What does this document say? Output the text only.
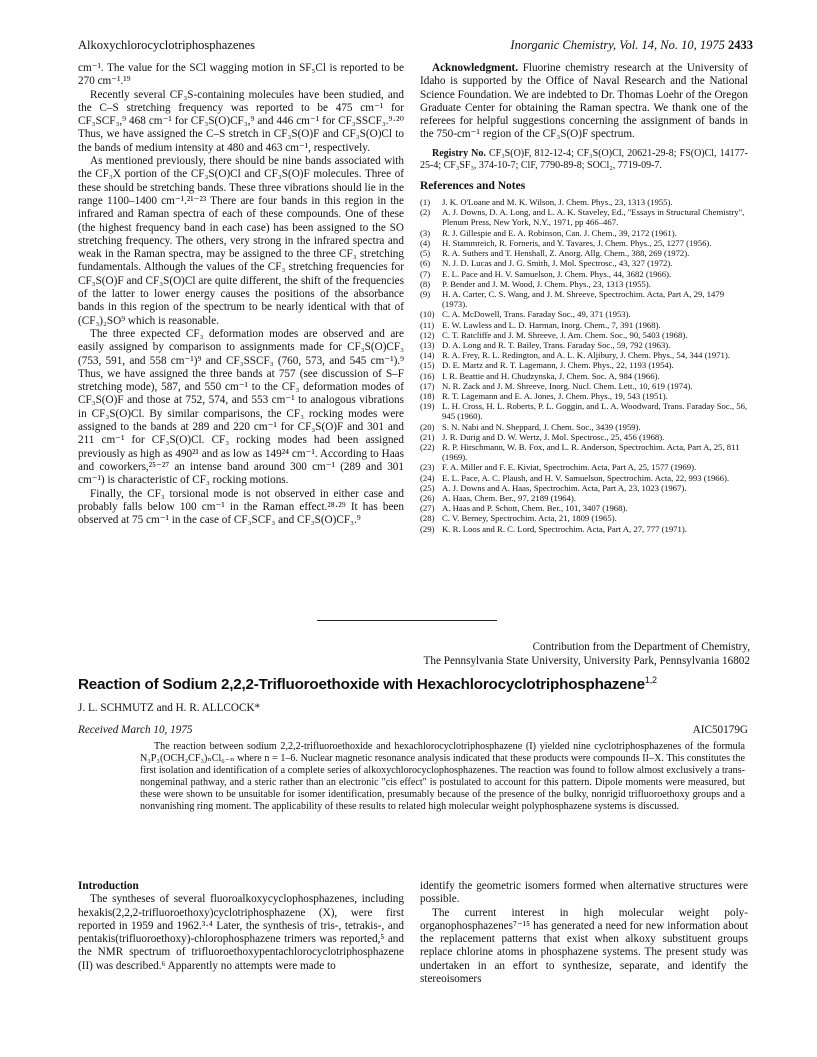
Alkoxychlorocyclotriphosphazenes	Inorganic Chemistry, Vol. 14, No. 10, 1975 2433

cm⁻¹. The value for the SCl wagging motion in SF₅Cl is reported to be 270 cm⁻¹.¹⁹

Recently several CF₃S-containing molecules have been studied, and the C–S stretching frequency was reported to be 475 cm⁻¹ for CF₃SCF₃,⁹ 468 cm⁻¹ for CF₃S(O)CF₃,⁹ and 446 cm⁻¹ for CF₃SSCF₃.⁹·²⁰ Thus, we have assigned the C–S stretch in CF₃S(O)F and CF₃S(O)Cl to the bands of medium intensity at 480 and 463 cm⁻¹, respectively.

As mentioned previously, there should be nine bands associated with the CF₃X portion of the CF₃S(O)Cl and CF₃S(O)F molecules. Three of these should be stretching bands. These three vibrations should lie in the range 1100–1400 cm⁻¹.²¹⁻²³ There are four bands in this region in the infrared and Raman spectra of each of these compounds. One of these (the highest frequency band in each case) has been assigned to the SO stretching frequency. The others, very strong in the infrared spectra and weak in the Raman spectra, may be assigned to the three CF₃ stretching fundamentals. Although the values of the CF₃ stretching frequencies for CF₃S(O)F and CF₃S(O)Cl are quite different, the shift of the frequencies of the latter to lower energy causes the positions of the absorbance bands in this region of the spectrum to be nearly identical with that of (CF₃)₂SO⁹ which is reasonable.

The three expected CF₃ deformation modes are observed and are easily assigned by comparison to assignments made for CF₃S(O)CF₃ (753, 591, and 558 cm⁻¹)⁹ and CF₃SSCF₃ (760, 573, and 545 cm⁻¹).⁹ Thus, we have assigned the three bands at 757 (see discussion of S–F stretching mode), 587, and 550 cm⁻¹ to the CF₃ deformation modes of CF₃S(O)F and those at 752, 574, and 553 cm⁻¹ to analogous vibrations in CF₃S(O)Cl. By similar comparisons, the CF₃ rocking modes were assigned to the bands at 289 and 220 cm⁻¹ for CF₃S(O)F and 301 and 211 cm⁻¹ for CF₃S(O)Cl. CF₃ rocking modes had been assigned previously as high as 490²¹ and as low as 149²⁴ cm⁻¹. According to Haas and coworkers,²⁵⁻²⁷ an intense band around 300 cm⁻¹ (289 and 301 cm⁻¹) is characteristic of CF₃ rocking motions.

Finally, the CF₃ torsional mode is not observed in either case and probably falls below 100 cm⁻¹ in the Raman effect.²⁸·²⁹ It has been observed at 75 cm⁻¹ in the case of CF₃SCF₃ and CF₃S(O)CF₃.⁹

Acknowledgment. Fluorine chemistry research at the University of Idaho is supported by the Office of Naval Research and the National Science Foundation. We are indebted to Dr. Thomas Loehr of the Oregon Graduate Center for obtaining the Raman spectra. We thank one of the referees for helpful suggestions concerning the assignment of bands in the 750-cm⁻¹ region of the CF₃S(O)F spectrum.

Registry No. CF₃S(O)F, 812-12-4; CF₃S(O)Cl, 20621-29-8; FS(O)Cl, 14177-25-4; CF₃SF₃, 374-10-7; ClF, 7790-89-8; SOCl₂, 7719-09-7.

References and Notes
(1)	J. K. O'Loane and M. K. Wilson, J. Chem. Phys., 23, 1313 (1955).
(2)	A. J. Downs, D. A. Long, and L. A. K. Staveley, Ed., "Essays in Structural Chemistry", Plenum Press, New York, N.Y., 1971, pp 466–467.
(3)	R. J. Gillespie and E. A. Robinson, Can. J. Chem., 39, 2172 (1961).
(4)	H. Stammreich, R. Forneris, and Y. Tavares, J. Chem. Phys., 25, 1277 (1956).
(5)	R. A. Suthers and T. Henshall, Z. Anorg. Allg. Chem., 388, 269 (1972).
(6)	N. J. D. Lucas and J. G. Smith, J. Mol. Spectrosc., 43, 327 (1972).
(7)	E. L. Pace and H. V. Samuelson, J. Chem. Phys., 44, 3682 (1966).
(8)	P. Bender and J. M. Wood, J. Chem. Phys., 23, 1313 (1955).
(9)	H. A. Carter, C. S. Wang, and J. M. Shreeve, Spectrochim. Acta, Part A, 29, 1479 (1973).
(10) C. A. McDowell, Trans. Faraday Soc., 49, 371 (1953).
(11) E. W. Lawless and L. D. Harman, Inorg. Chem., 7, 391 (1968).
(12) C. T. Ratcliffe and J. M. Shreeve, J. Am. Chem. Soc., 90, 5403 (1968).
(13) D. A. Long and R. T. Bailey, Trans. Faraday Soc., 59, 792 (1963).
(14) R. A. Frey, R. L. Redington, and A. L. K. Aljibury, J. Chem. Phys., 54, 344 (1971).
(15) D. E. Martz and R. T. Lagemann, J. Chem. Phys., 22, 1193 (1954).
(16) I. R. Beattie and H. Chudzynska, J. Chem. Soc. A, 984 (1966).
(17) N. R. Zack and J. M. Shreeve, Inorg. Nucl. Chem. Lett., 10, 619 (1974).
(18) R. T. Lagemann and E. A. Jones, J. Chem. Phys., 19, 543 (1951).
(19) L. H. Cross, H. L. Roberts, P. L. Goggin, and L. A. Woodward, Trans. Faraday Soc., 56, 945 (1960).
(20) S. N. Nabi and N. Sheppard, J. Chem. Soc., 3439 (1959).
(21) J. R. Durig and D. W. Wertz, J. Mol. Spectrosc., 25, 456 (1968).
(22) R. P. Hirschmann, W. B. Fox, and L. R. Anderson, Spectrochim. Acta, Part A, 25, 811 (1969).
(23) F. A. Miller and F. E. Kiviat, Spectrochim. Acta, Part A, 25, 1577 (1969).
(24) E. L. Pace, A. C. Plaush, and H. V. Samuelson, Spectrochim. Acta, 22, 993 (1966).
(25) A. J. Downs and A. Haas, Spectrochim. Acta, Part A, 23, 1023 (1967).
(26) A. Haas, Chem. Ber., 97, 2189 (1964).
(27) A. Haas and P. Schott, Chem. Ber., 101, 3407 (1968).
(28) C. V. Berney, Spectrochim. Acta, 21, 1809 (1965).
(29) K. R. Loos and R. C. Lord, Spectrochim. Acta, Part A, 27, 777 (1971).
Contribution from the Department of Chemistry,
The Pennsylvania State University, University Park, Pennsylvania 16802
Reaction of Sodium 2,2,2-Trifluoroethoxide with Hexachlorocyclotriphosphazene$^{1,2}$
J. L. SCHMUTZ and H. R. ALLCOCK*
Received March 10, 1975	AIC50179G
The reaction between sodium 2,2,2-trifluoroethoxide and hexachlorocyclotriphosphazene (I) yielded nine cyclotriphosphazenes of the formula N₃P₃(OCH₂CF₃)ₙCl₆₋ₙ where n = 1–6. Nuclear magnetic resonance analysis indicated that these products were compounds II–X. This constitutes the first isolation and identification of a complete series of alkoxychlorocyclophosphazenes. The reaction was found to follow almost exclusively a trans-nongeminal pathway, and a steric rather than an electronic "cis effect" is postulated to account for this pattern. Dipole moments were measured, but these were shown to be unsuitable for isomer identification, presumably because of the presence of the bulky, nonrigid trifluoroethoxy groups and a nonvanishing ring moment. The applicability of these results to related high molecular weight polyphosphazene systems is discussed.

Introduction

The syntheses of several fluoroalkoxycyclophosphazenes, including hexakis(2,2,2-trifluoroethoxy)cyclotriphosphazene (X), were first reported in 1959 and 1962.³·⁴ Later, the synthesis of tris-, tetrakis-, and pentakis(trifluoroethoxy)-chlorophosphazene trimers was reported,⁵ and the NMR spectrum of trifluoroethoxypentachlorocyclotriphosphazene (II) was described.⁶ Apparently no attempts were made to

identify the geometric isomers formed when alternative structures were possible.

The current interest in high molecular weight poly-organophosphazenes⁷⁻¹⁵ has generated a need for new information about the replacement patterns that exist when alkoxy substituent groups replace chlorine atoms in phosphazene systems. The present study was undertaken in an effort to synthesize, separate, and identify the stereoisomers
